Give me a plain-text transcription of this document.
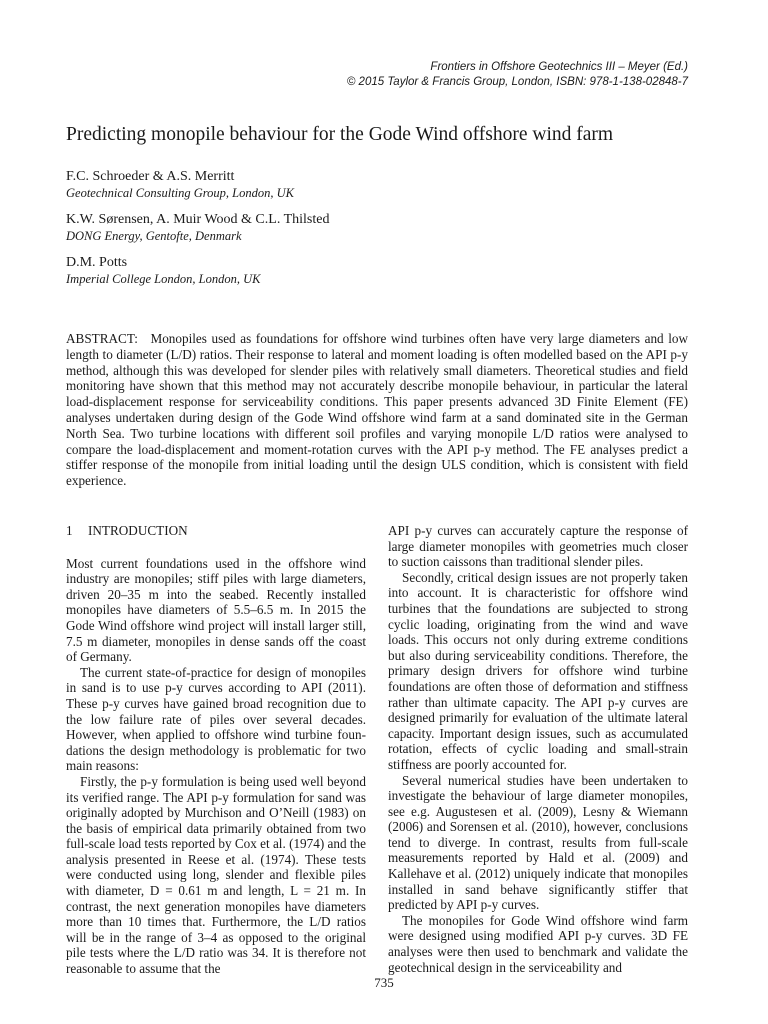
Frontiers in Offshore Geotechnics III – Meyer (Ed.)
© 2015 Taylor & Francis Group, London, ISBN: 978-1-138-02848-7
Predicting monopile behaviour for the Gode Wind offshore wind farm
F.C. Schroeder & A.S. Merritt
Geotechnical Consulting Group, London, UK
K.W. Sørensen, A. Muir Wood & C.L. Thilsted
DONG Energy, Gentofte, Denmark
D.M. Potts
Imperial College London, London, UK
ABSTRACT: Monopiles used as foundations for offshore wind turbines often have very large diameters and low length to diameter (L/D) ratios. Their response to lateral and moment loading is often modelled based on the API p-y method, although this was developed for slender piles with relatively small diameters. Theoretical studies and field monitoring have shown that this method may not accurately describe monopile behaviour, in particular the lateral load-displacement response for serviceability conditions. This paper presents advanced 3D Finite Element (FE) analyses undertaken during design of the Gode Wind offshore wind farm at a sand dominated site in the German North Sea. Two turbine locations with different soil profiles and varying monopile L/D ratios were analysed to compare the load-displacement and moment-rotation curves with the API p-y method. The FE analyses predict a stiffer response of the monopile from initial loading until the design ULS condition, which is consistent with field experience.
1 INTRODUCTION

Most current foundations used in the offshore wind industry are monopiles; stiff piles with large diameters, driven 20–35 m into the seabed. Recently installed monopiles have diameters of 5.5–6.5 m. In 2015 the Gode Wind offshore wind project will install larger still, 7.5 m diameter, monopiles in dense sands off the coast of Germany.

The current state-of-practice for design of monopiles in sand is to use p-y curves according to API (2011). These p-y curves have gained broad recognition due to the low failure rate of piles over several decades. However, when applied to offshore wind turbine foundations the design methodology is problematic for two main reasons:

Firstly, the p-y formulation is being used well beyond its verified range. The API p-y formulation for sand was originally adopted by Murchison and O’Neill (1983) on the basis of empirical data primarily obtained from two full-scale load tests reported by Cox et al. (1974) and the analysis presented in Reese et al. (1974). These tests were conducted using long, slender and flexible piles with diameter, D = 0.61 m and length, L = 21 m. In contrast, the next generation monopiles have diameters more than 10 times that. Furthermore, the L/D ratios will be in the range of 3–4 as opposed to the original pile tests where the L/D ratio was 34. It is therefore not reasonable to assume that the

API p-y curves can accurately capture the response of large diameter monopiles with geometries much closer to suction caissons than traditional slender piles.

Secondly, critical design issues are not properly taken into account. It is characteristic for offshore wind turbines that the foundations are subjected to strong cyclic loading, originating from the wind and wave loads. This occurs not only during extreme conditions but also during serviceability conditions. Therefore, the primary design drivers for offshore wind turbine foundations are often those of deformation and stiffness rather than ultimate capacity. The API p-y curves are designed primarily for evaluation of the ultimate lateral capacity. Important design issues, such as accumulated rotation, effects of cyclic loading and small-strain stiffness are poorly accounted for.

Several numerical studies have been undertaken to investigate the behaviour of large diameter monopiles, see e.g. Augustesen et al. (2009), Lesny & Wiemann (2006) and Sorensen et al. (2010), however, conclusions tend to diverge. In contrast, results from full-scale measurements reported by Hald et al. (2009) and Kallehave et al. (2012) uniquely indicate that monopiles installed in sand behave significantly stiffer that predicted by API p-y curves.

The monopiles for Gode Wind offshore wind farm were designed using modified API p-y curves. 3D FE analyses were then used to benchmark and validate the geotechnical design in the serviceability and

735
